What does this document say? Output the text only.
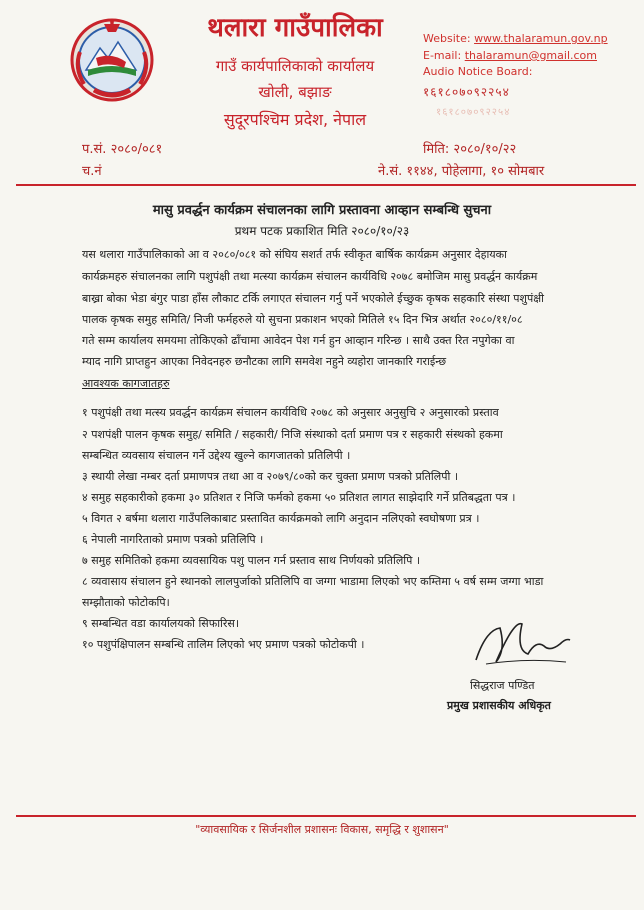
थलारा गाउँपालिका
गाउँ कार्यपालिकाको कार्यालय
खोली, बझाङ
सुदूरपश्चिम प्रदेश, नेपाल
Website: www.thalaramun.gov.np
E-mail: thalaramun@gmail.com
Audio Notice Board:
१६१८०७०९२२५४
१६१८०७०९२२५४
प.सं. २०८०/०८१
च.नं
मिति: २०८०/१०/२२
ने.सं. ११४४, पोहेलागा, १० सोमबार
मासु प्रवर्द्धन कार्यक्रम संचालनका लागि प्रस्तावना आव्हान सम्बन्धि सुचना
प्रथम पटक प्रकाशित मिति २०८०/१०/२३
यस थलारा गाउँपालिकाको आ व २०८०/०८१ को संघिय सशर्त तर्फ स्वीकृत बार्षिक कार्यक्रम अनुसार देहायका
कार्यक्रमहरु संचालनका लागि पशुपंक्षी तथा मत्स्या कार्यक्रम संचालन कार्यविधि २०७८ बमोजिम मासु प्रवर्द्धन कार्यक्रम
बाख्रा बोका भेडा बंगुर पाडा हाँस लौकाट टर्कि लगाएत संचालन गर्नु पर्ने भएकोले ईच्छुक कृषक सहकारि संस्था पशुपंक्षी
पालक कृषक समुह समिति/ निजी फर्महरुले यो सुचना प्रकाशन भएको मितिले १५ दिन भित्र अर्थात २०८०/११/०८
गते सम्म कार्यालय समयमा तोकिएको ढाँचामा आवेदन पेश गर्न हुन आव्हान गरिन्छ । साथै उक्त रित नपुगेका वा
म्याद नागि प्राप्तहुन आएका निवेदनहरु छनौटका लागि समवेश नहुने व्यहोरा जानकारि गराईन्छ
आवश्यक कागजातहरु
१ पशुपंक्षी तथा मत्स्य प्रवर्द्धन कार्यक्रम संचालन कार्यविधि २०७८ को अनुसार अनुसुचि २ अनुसारको प्रस्ताव
२ पशपंक्षी पालन कृषक समुह/ समिति / सहकारी/ निजि संस्थाको दर्ता प्रमाण पत्र र सहकारी संस्थको हकमा
सम्बन्धित व्यवसाय संचालन गर्ने उद्देश्य खुल्ने कागजातको प्रतिलिपी ।
३ स्थायी लेखा नम्बर दर्ता प्रमाणपत्र तथा आ व २०७९/८०को कर चुक्ता प्रमाण पत्रको प्रतिलिपी ।
४ समुह सहकारीको हकमा ३० प्रतिशत र निजि फर्मको हकमा ५० प्रतिशत लागत साझेदारि गर्ने प्रतिबद्धता पत्र ।
५ विगत २ बर्षमा थलारा गाउँपलिकाबाट प्रस्तावित कार्यक्रमको लागि अनुदान नलिएको स्वघोषणा प्रत्र ।
६ नेपाली नागरिताको प्रमाण पत्रको प्रतिलिपि ।
७ समुह समितिको हकमा व्यवसायिक पशु पालन गर्न प्रस्ताव साथ निर्णयको प्रतिलिपि ।
८ व्यवासाय संचालन हुने स्थानको लालपुर्जाको प्रतिलिपि वा जग्गा भाडामा लिएको भए कम्तिमा ५ वर्ष सम्म जग्गा भाडा
सम्झौताको फोटोकपि।
९ सम्बन्धित वडा कार्यालयको सिफारिस।
१० पशुपंक्षिपालन सम्बन्धि तालिम लिएको भए प्रमाण पत्रको फोटोकपी ।
सिद्धराज पण्डित
प्रमुख प्रशासकीय अधिकृत
"व्यावसायिक र सिर्जनशील प्रशासनः विकास, समृद्धि र शुशासन"
